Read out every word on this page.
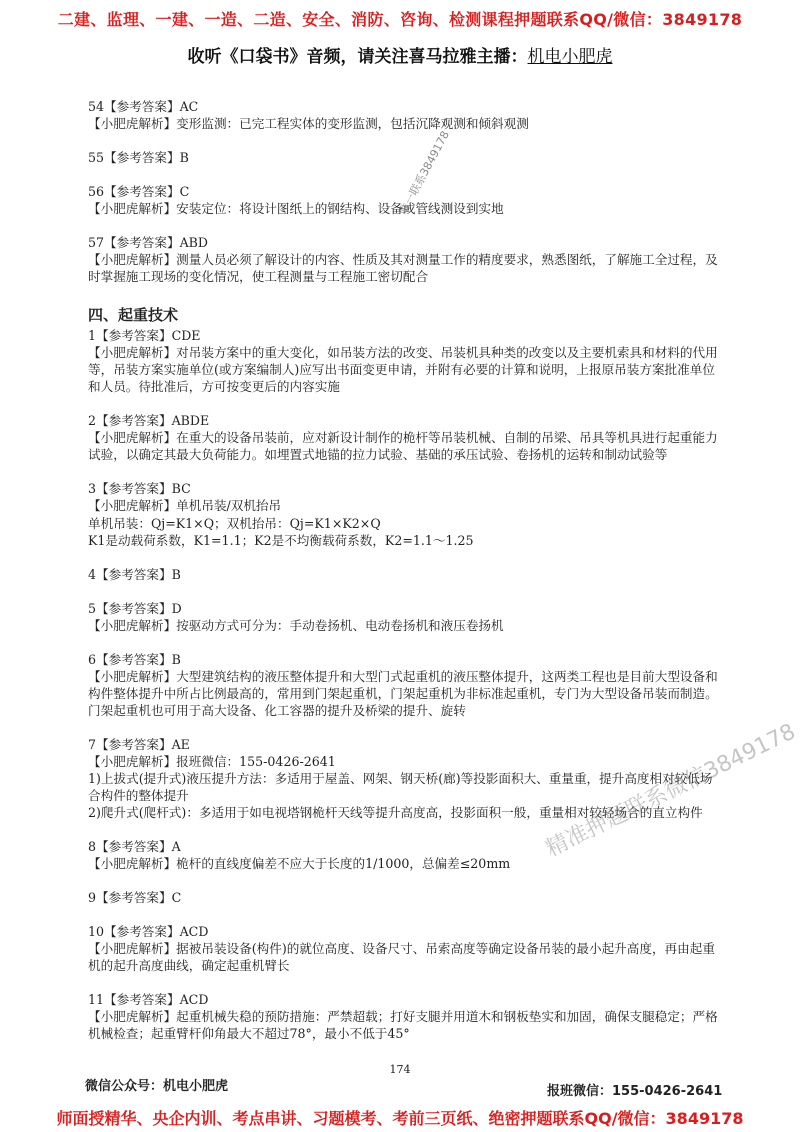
二建、监理、一建、一造、二造、安全、消防、咨询、检测课程押题联系QQ/微信：3849178
收听《口袋书》音频，请关注喜马拉雅主播：机电小肥虎

54【参考答案】AC

【小肥虎解析】变形监测：已完工程实体的变形监测，包括沉降观测和倾斜观测

55【参考答案】B

56【参考答案】C

【小肥虎解析】安装定位：将设计图纸上的钢结构、设备或管线测设到实地

57【参考答案】ABD

【小肥虎解析】测量人员必须了解设计的内容、性质及其对测量工作的精度要求，熟悉图纸，了解施工全过程，及时掌握施工现场的变化情况，使工程测量与工程施工密切配合

四、起重技术

1【参考答案】CDE

【小肥虎解析】对吊装方案中的重大变化，如吊装方法的改变、吊装机具种类的改变以及主要机索具和材料的代用等，吊装方案实施单位(或方案编制人)应写出书面变更申请，并附有必要的计算和说明，上报原吊装方案批准单位和人员。待批准后，方可按变更后的内容实施

2【参考答案】ABDE

【小肥虎解析】在重大的设备吊装前，应对新设计制作的桅杆等吊装机械、自制的吊梁、吊具等机具进行起重能力试验，以确定其最大负荷能力。如埋置式地锚的拉力试验、基础的承压试验、卷扬机的运转和制动试验等

3【参考答案】BC

【小肥虎解析】单机吊装/双机抬吊

单机吊装：Qj=K1×Q；双机抬吊：Qj=K1×K2×Q

K1是动载荷系数，K1=1.1；K2是不均衡载荷系数，K2=1.1～1.25

4【参考答案】B

5【参考答案】D

【小肥虎解析】按驱动方式可分为：手动卷扬机、电动卷扬机和液压卷扬机

6【参考答案】B

【小肥虎解析】大型建筑结构的液压整体提升和大型门式起重机的液压整体提升，这两类工程也是目前大型设备和构件整体提升中所占比例最高的，常用到门架起重机，门架起重机为非标准起重机，专门为大型设备吊装而制造。门架起重机也可用于高大设备、化工容器的提升及桥梁的提升、旋转

7【参考答案】AE

【小肥虎解析】报班微信：155-0426-2641

1)上拔式(提升式)液压提升方法：多适用于屋盖、网架、钢天桥(廊)等投影面积大、重量重，提升高度相对较低场合构件的整体提升

2)爬升式(爬杆式)：多适用于如电视塔钢桅杆天线等提升高度高，投影面积一般，重量相对较轻场合的直立构件

8【参考答案】A

【小肥虎解析】桅杆的直线度偏差不应大于长度的1/1000，总偏差≤20mm

9【参考答案】C

10【参考答案】ACD

【小肥虎解析】据被吊装设备(构件)的就位高度、设备尺寸、吊索高度等确定设备吊装的最小起升高度，再由起重机的起升高度曲线，确定起重机臂长

11【参考答案】ACD

【小肥虎解析】起重机械失稳的预防措施：严禁超载；打好支腿并用道木和钢板垫实和加固，确保支腿稳定；严格机械检查；起重臂杆仰角最大不超过78°，最小不低于45°

唯一联系3849178
精准押题联系微信3849178
174
微信公众号：机电小肥虎	报班微信：155-0426-2641
师面授精华、央企内训、考点串讲、习题模考、考前三页纸、绝密押题联系QQ/微信：3849178
